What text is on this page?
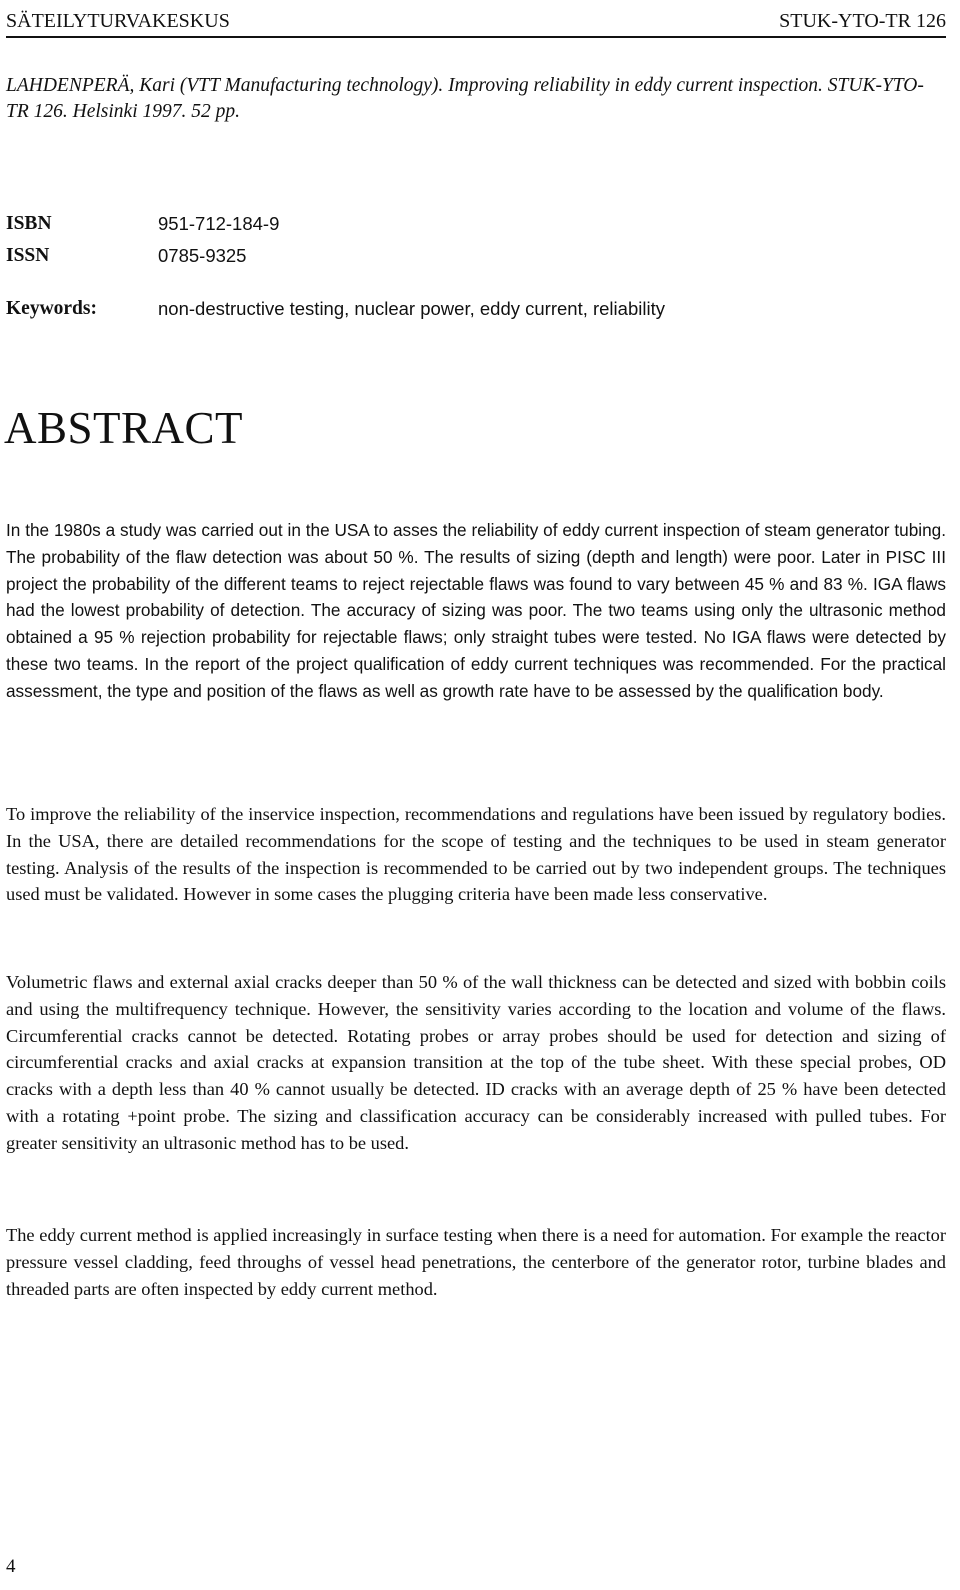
SÄTEILYTURVAKESKUS	STUK-YTO-TR 126
LAHDENPERÄ, Kari (VTT Manufacturing technology). Improving reliability in eddy current inspection. STUK-YTO-TR 126. Helsinki 1997. 52 pp.
ISBN	951-712-184-9
ISSN	0785-9325
Keywords:	non-destructive testing, nuclear power, eddy current, reliability
ABSTRACT

In the 1980s a study was carried out in the USA to asses the reliability of eddy current inspection of steam generator tubing. The probability of the flaw detection was about 50 %. The results of sizing (depth and length) were poor. Later in PISC III project the probability of the different teams to reject rejectable flaws was found to vary between 45 % and 83 %. IGA flaws had the lowest probability of detection. The accuracy of sizing was poor. The two teams using only the ultrasonic method obtained a 95 % rejection probability for rejectable flaws; only straight tubes were tested. No IGA flaws were detected by these two teams. In the report of the project qualification of eddy current techniques was recommended. For the practical assessment, the type and position of the flaws as well as growth rate have to be assessed by the qualification body.

To improve the reliability of the inservice inspection, recommendations and regulations have been issued by regulatory bodies. In the USA, there are detailed recommendations for the scope of testing and the techniques to be used in steam generator testing. Analysis of the results of the inspection is recommended to be carried out by two independent groups. The techniques used must be validated. However in some cases the plugging criteria have been made less conservative.

Volumetric flaws and external axial cracks deeper than 50 % of the wall thickness can be detected and sized with bobbin coils and using the multifrequency technique. However, the sensitivity varies according to the location and volume of the flaws. Circumferential cracks cannot be detected. Rotating probes or array probes should be used for detection and sizing of circumferential cracks and axial cracks at expansion transition at the top of the tube sheet. With these special probes, OD cracks with a depth less than 40 % cannot usually be detected. ID cracks with an average depth of 25 % have been detected with a rotating +point probe. The sizing and classification accuracy can be considerably increased with pulled tubes. For greater sensitivity an ultrasonic method has to be used.

The eddy current method is applied increasingly in surface testing when there is a need for automation. For example the reactor pressure vessel cladding, feed throughs of vessel head penetrations, the centerbore of the generator rotor, turbine blades and threaded parts are often inspected by eddy current method.

4
